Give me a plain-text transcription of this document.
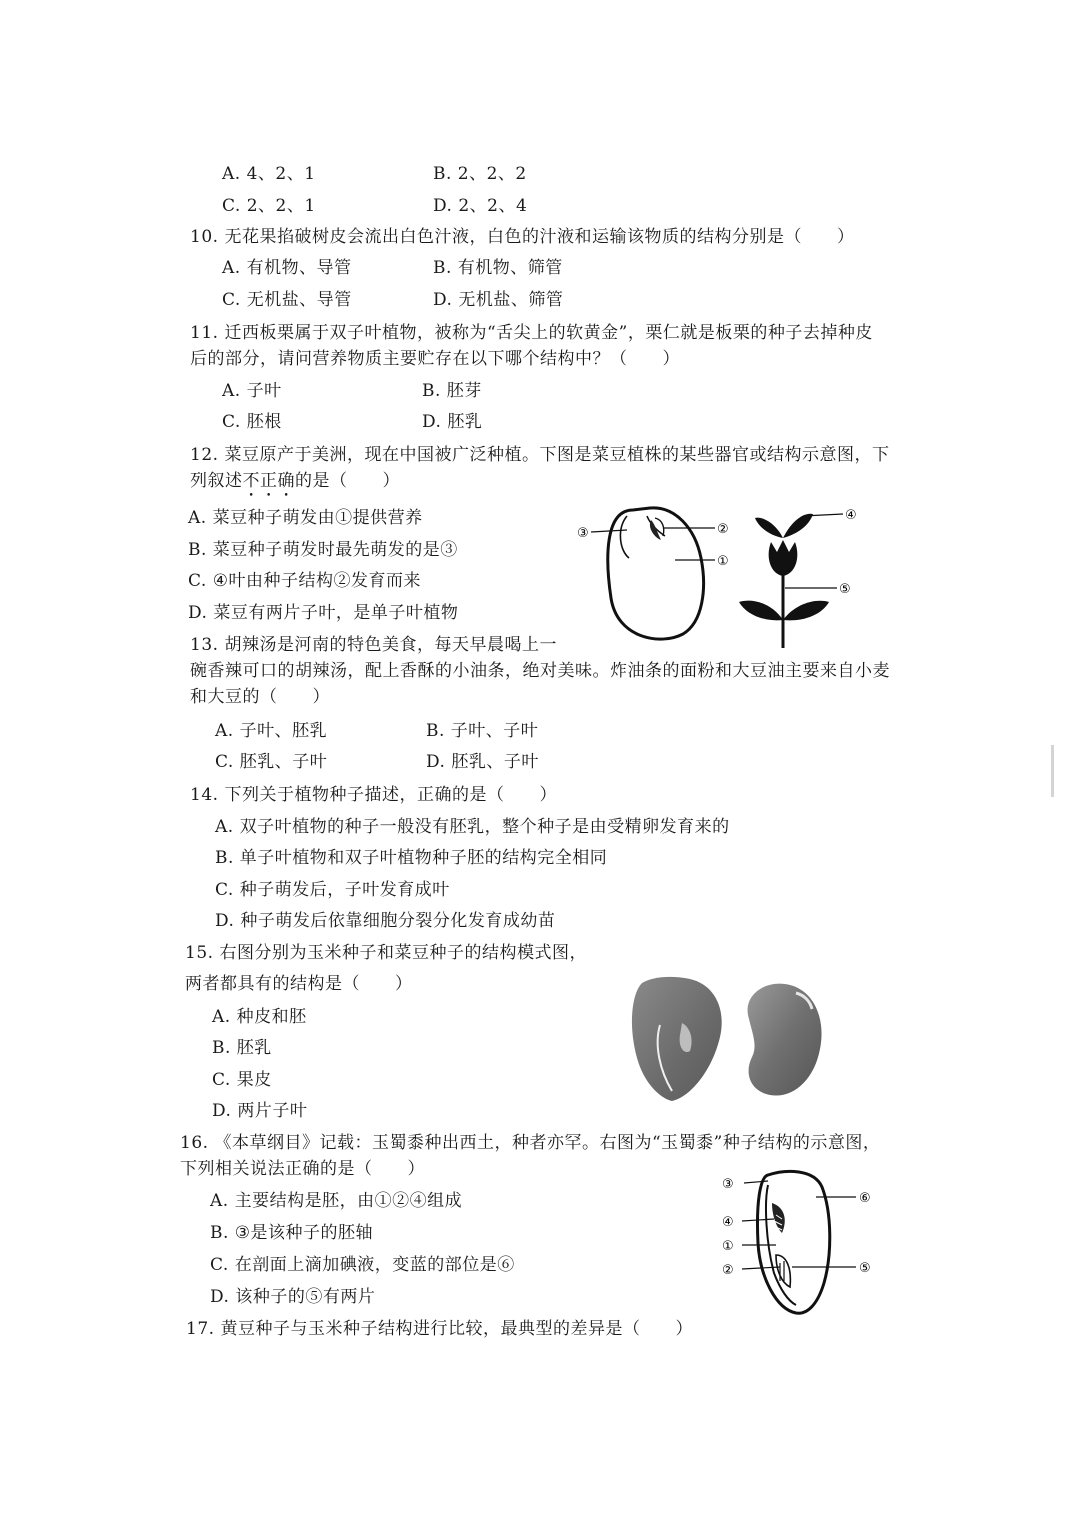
A. 4、2、1	B. 2、2、2
C. 2、2、1	D. 2、2、4
10. 无花果掐破树皮会流出白色汁液，白色的汁液和运输该物质的结构分别是（　　）
A. 有机物、导管	B. 有机物、筛管
C. 无机盐、导管	D. 无机盐、筛管
11. 迁西板栗属于双子叶植物，被称为“舌尖上的软黄金”，栗仁就是板栗的种子去掉种皮
后的部分，请问营养物质主要贮存在以下哪个结构中？（　　）
A. 子叶	B. 胚芽
C. 胚根	D. 胚乳
12. 菜豆原产于美洲，现在中国被广泛种植。下图是菜豆植株的某些器官或结构示意图，下
列叙述不正确的是（　　）
A. 菜豆种子萌发由①提供营养
B. 菜豆种子萌发时最先萌发的是③
C. ④叶由种子结构②发育而来
D. 菜豆有两片子叶，是单子叶植物
③	②
①
④
⑤
13. 胡辣汤是河南的特色美食，每天早晨喝上一
碗香辣可口的胡辣汤，配上香酥的小油条，绝对美味。炸油条的面粉和大豆油主要来自小麦
和大豆的（　　）
A. 子叶、胚乳	B. 子叶、子叶
C. 胚乳、子叶	D. 胚乳、子叶
14. 下列关于植物种子描述，正确的是（　　）
A. 双子叶植物的种子一般没有胚乳，整个种子是由受精卵发育来的
B. 单子叶植物和双子叶植物种子胚的结构完全相同
C. 种子萌发后，子叶发育成叶
D. 种子萌发后依靠细胞分裂分化发育成幼苗
15. 右图分别为玉米种子和菜豆种子的结构模式图，
两者都具有的结构是（　　）
A. 种皮和胚
B. 胚乳
C. 果皮
D. 两片子叶
16. 《本草纲目》记载：玉蜀黍种出西土，种者亦罕。右图为“玉蜀黍”种子结构的示意图，
下列相关说法正确的是（　　）
A. 主要结构是胚，由①②④组成
B. ③是该种子的胚轴
C. 在剖面上滴加碘液，变蓝的部位是⑥
D. 该种子的⑤有两片
③
⑥
④
①
②	⑤
17. 黄豆种子与玉米种子结构进行比较，最典型的差异是（　　）
